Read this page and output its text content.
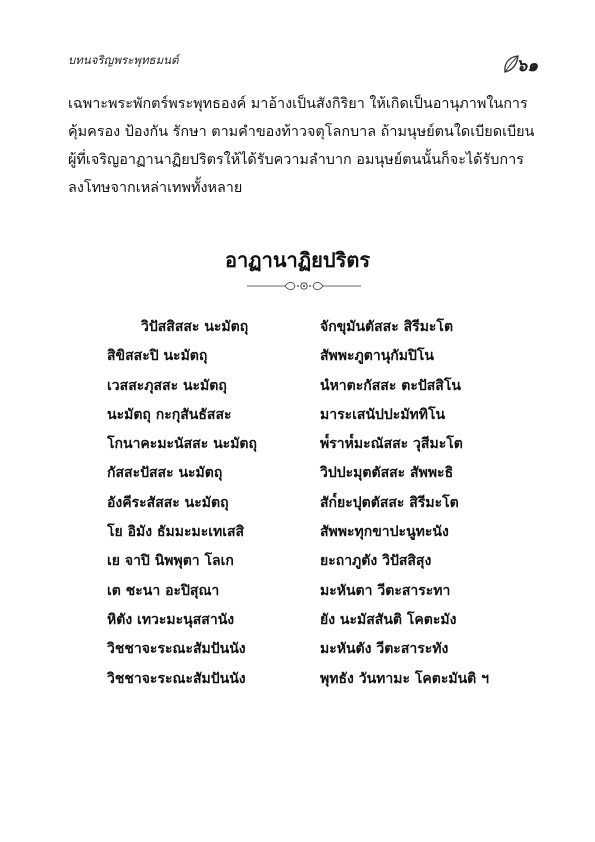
บทนจริญพระพุทธมนต์	๖๑
เฉพาะพระพักตร์พระพุทธองค์ มาอ้างเป็นสังกิริยา ให้เกิดเป็นอานุภาพในการ
คุ้มครอง ป้องกัน รักษา ตามคำของท้าวจตุโลกบาล ถ้ามนุษย์ตนใดเบียดเบียน
ผู้ที่เจริญอาฏานาฏิยปริตรให้ได้รับความลำบาก อมนุษย์ตนนั้นก็จะได้รับการ
ลงโทษจากเหล่าเทพทั้งหลาย
อาฏานาฏิยปริตร
วิปัสสิสสะ นะมัตถุ	จักขุมันตัสสะ สิรีมะโต
สิขิสสะปิ นะมัตถุ	สัพพะภูตานุกัมปิโน
เวสสะภุสสะ นะมัตถุ	นํหาตะกัสสะ ตะปัสสิโน
นะมัตถุ กะกุสันธัสสะ	มาระเสนัปปะมัททิโน
โกนาคะมะนัสสะ นะมัตถุ	พ๎ราห๎มะณัสสะ วุสีมะโต
กัสสะปัสสะ นะมัตถุ	วิปปะมุตตัสสะ สัพพะธิ
อังคีระสัสสะ นะมัตถุ	สัก๎ยะปุตตัสสะ สิรีมะโต
โย อิมัง ธัมมะมะเทเสสิ	สัพพะทุกขาปะนูทะนัง
เย จาปิ นิพพุตา โลเก	ยะถาภูตัง วิปัสสิสุง
เต ชะนา อะปิสุณา	มะหันตา วีตะสาระทา
หิตัง เทวะมะนุสสานัง	ยัง นะมัสสันติ โคตะมัง
วิชชาจะระณะสัมปันนัง	มะหันตัง วีตะสาระทัง
วิชชาจะระณะสัมปันนัง	พุทธัง วันทามะ โคตะมันติ ฯ
